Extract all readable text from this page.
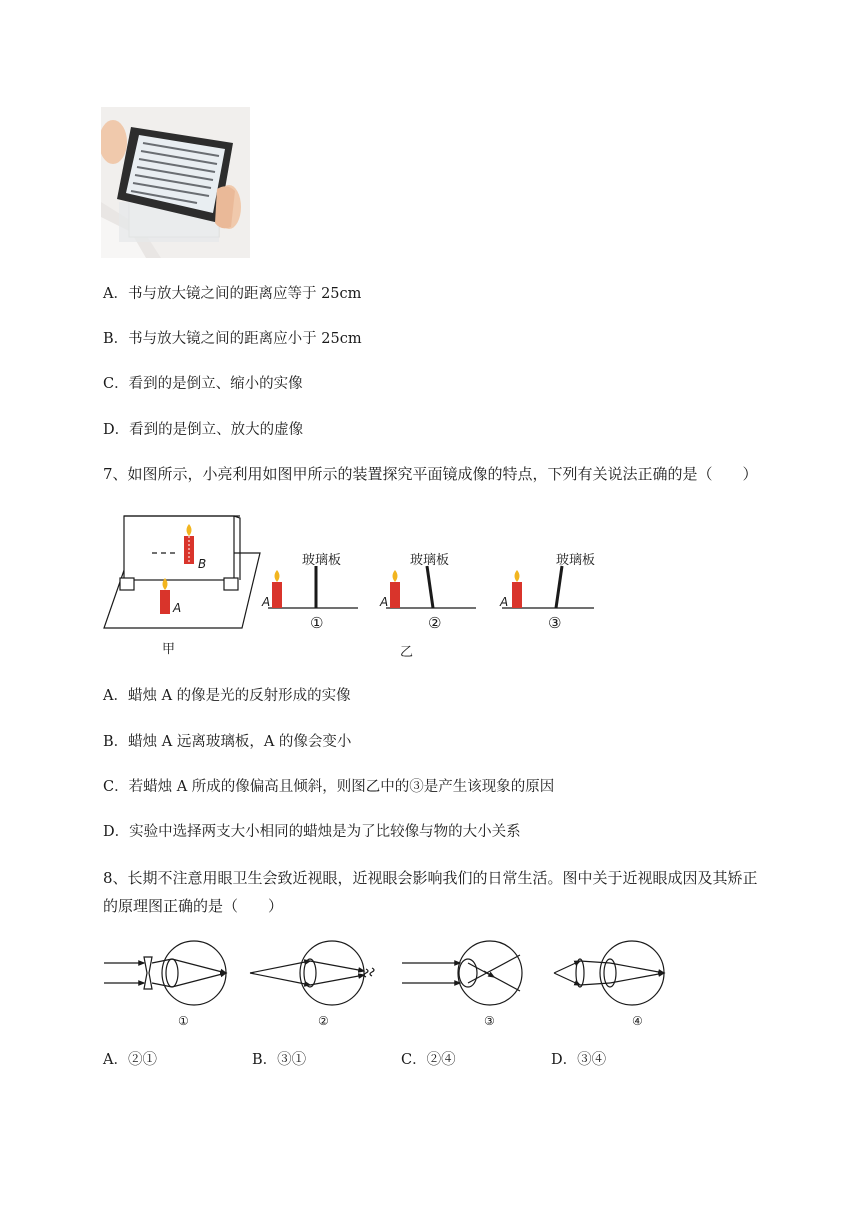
A．书与放大镜之间的距离应等于 25cm
B．书与放大镜之间的距离应小于 25cm
C．看到的是倒立、缩小的实像
D．看到的是倒立、放大的虚像
7、如图所示，小亮利用如图甲所示的装置探究平面镜成像的特点，下列有关说法正确的是（　　）
B
A
甲
A
玻璃板
①
A
玻璃板
②
乙
A
玻璃板
③
A．蜡烛 A 的像是光的反射形成的实像
B．蜡烛 A 远离玻璃板，A 的像会变小
C．若蜡烛 A 所成的像偏高且倾斜，则图乙中的③是产生该现象的原因
D．实验中选择两支大小相同的蜡烛是为了比较像与物的大小关系
8、长期不注意用眼卫生会致近视眼，近视眼会影响我们的日常生活。图中关于近视眼成因及其矫正
的原理图正确的是（　　）
①	②	③	④
A．②①	B．③①	C．②④	D．③④
